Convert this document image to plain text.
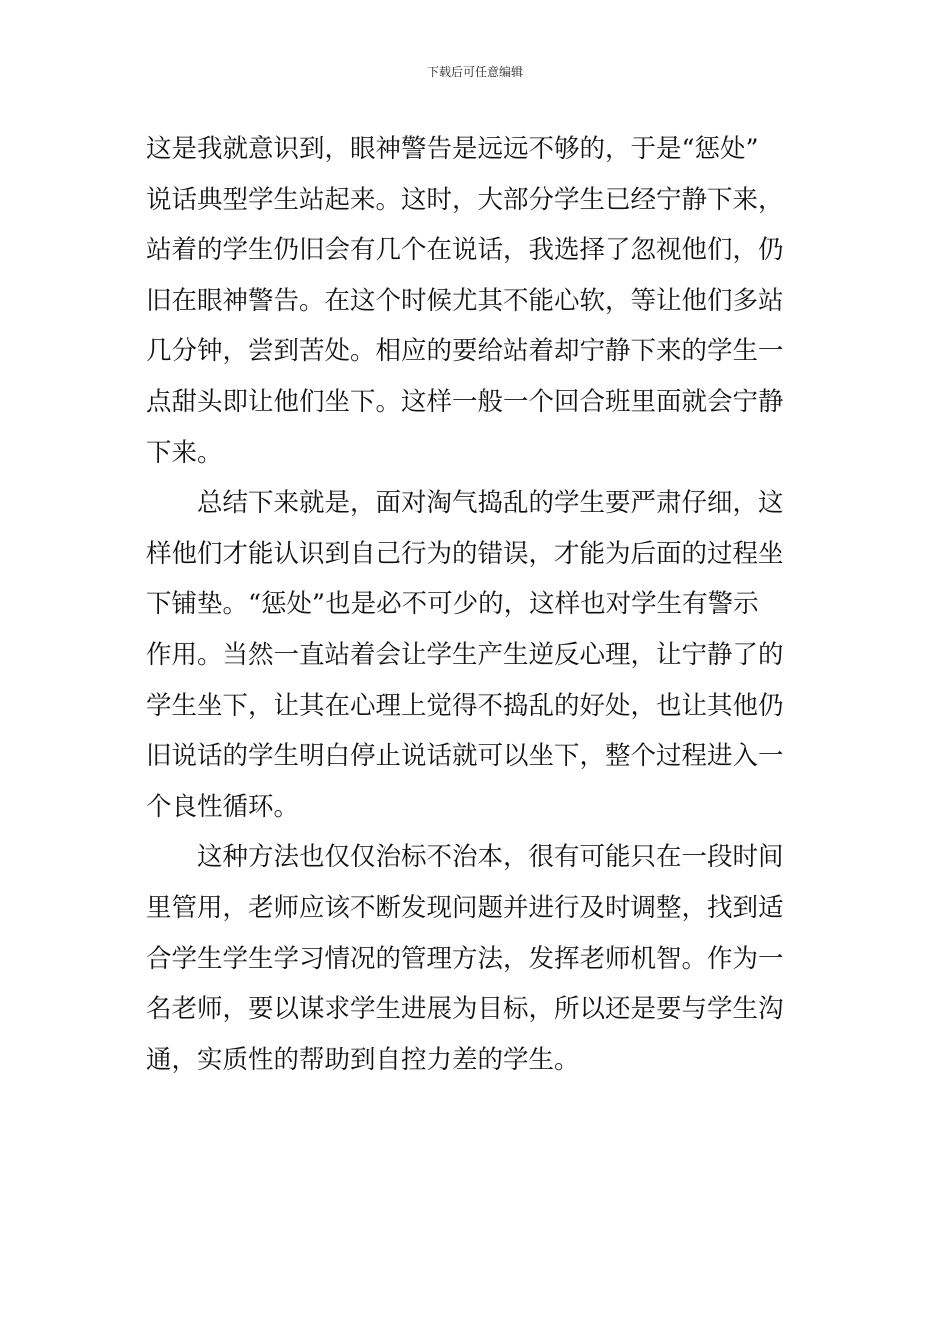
下载后可任意编辑
这是我就意识到，眼神警告是远远不够的，于是“惩处”
说话典型学生站起来。这时，大部分学生已经宁静下来，
站着的学生仍旧会有几个在说话，我选择了忽视他们，仍
旧在眼神警告。在这个时候尤其不能心软，等让他们多站
几分钟，尝到苦处。相应的要给站着却宁静下来的学生一
点甜头即让他们坐下。这样一般一个回合班里面就会宁静
下来。
总结下来就是，面对淘气捣乱的学生要严肃仔细，这
样他们才能认识到自己行为的错误，才能为后面的过程坐
下铺垫。“惩处”也是必不可少的，这样也对学生有警示
作用。当然一直站着会让学生产生逆反心理，让宁静了的
学生坐下，让其在心理上觉得不捣乱的好处，也让其他仍
旧说话的学生明白停止说话就可以坐下，整个过程进入一
个良性循环。
这种方法也仅仅治标不治本，很有可能只在一段时间
里管用，老师应该不断发现问题并进行及时调整，找到适
合学生学生学习情况的管理方法，发挥老师机智。作为一
名老师，要以谋求学生进展为目标，所以还是要与学生沟
通，实质性的帮助到自控力差的学生。
